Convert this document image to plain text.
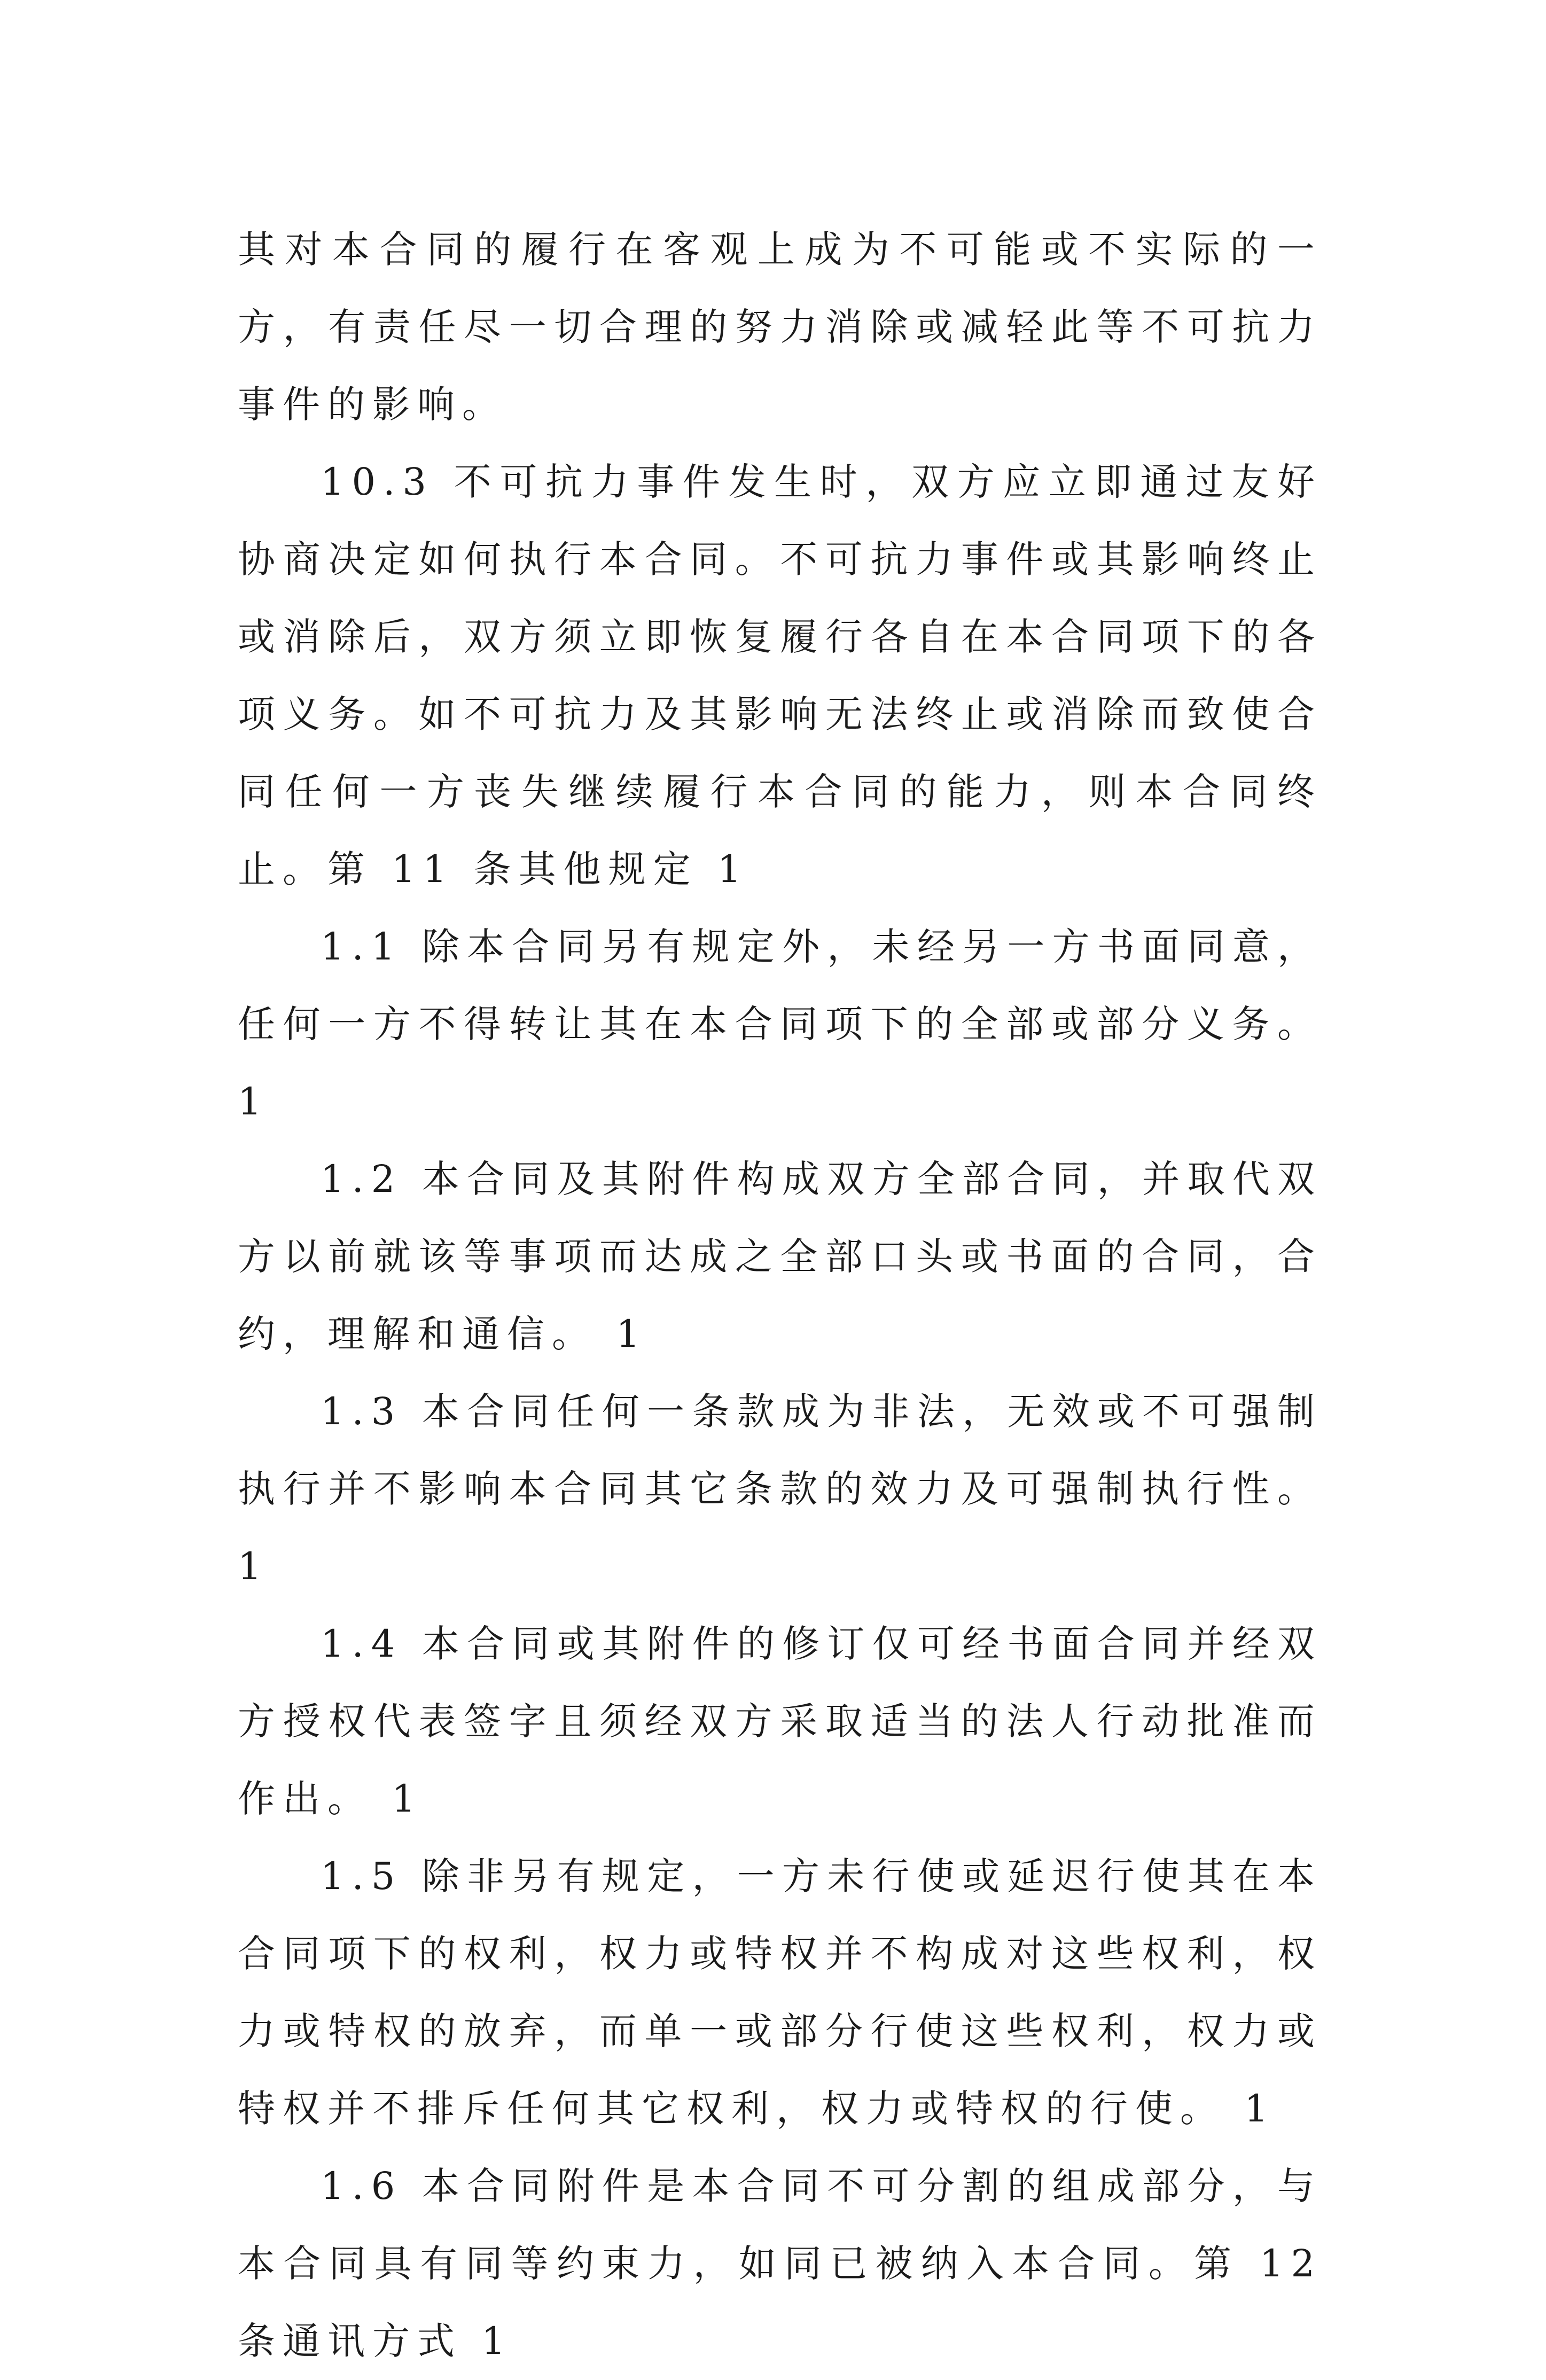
其对本合同的履行在客观上成为不可能或不实际的一方，有责任尽一切合理的努力消除或减轻此等不可抗力事件的影响。

10.3 不可抗力事件发生时，双方应立即通过友好协商决定如何执行本合同。不可抗力事件或其影响终止或消除后，双方须立即恢复履行各自在本合同项下的各项义务。如不可抗力及其影响无法终止或消除而致使合同任何一方丧失继续履行本合同的能力，则本合同终止。第 11 条其他规定 1

1.1 除本合同另有规定外，未经另一方书面同意，任何一方不得转让其在本合同项下的全部或部分义务。 1

1.2 本合同及其附件构成双方全部合同，并取代双方以前就该等事项而达成之全部口头或书面的合同，合约，理解和通信。 1

1.3 本合同任何一条款成为非法，无效或不可强制执行并不影响本合同其它条款的效力及可强制执行性。 1

1.4 本合同或其附件的修订仅可经书面合同并经双方授权代表签字且须经双方采取适当的法人行动批准而作出。 1

1.5 除非另有规定，一方未行使或延迟行使其在本合同项下的权利，权力或特权并不构成对这些权利，权力或特权的放弃，而单一或部分行使这些权利，权力或特权并不排斥任何其它权利，权力或特权的行使。 1

1.6 本合同附件是本合同不可分割的组成部分，与本合同具有同等约束力，如同已被纳入本合同。第 12 条通讯方式 1
